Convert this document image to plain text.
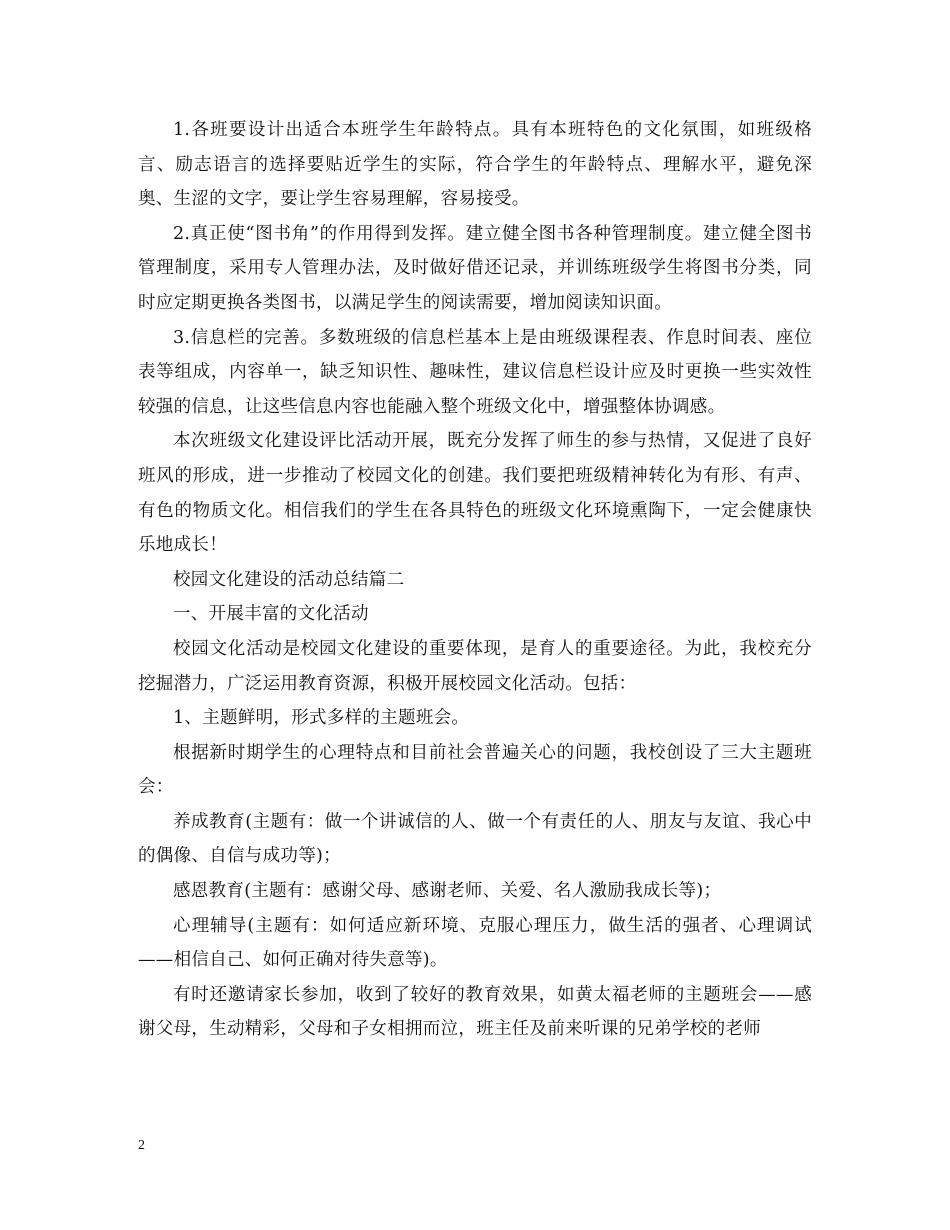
1.各班要设计出适合本班学生年龄特点。具有本班特色的文化氛围，如班级格言、励志语言的选择要贴近学生的实际，符合学生的年龄特点、理解水平，避免深奥、生涩的文字，要让学生容易理解，容易接受。

2.真正使“图书角”的作用得到发挥。建立健全图书各种管理制度。建立健全图书管理制度，采用专人管理办法，及时做好借还记录，并训练班级学生将图书分类，同时应定期更换各类图书，以满足学生的阅读需要，增加阅读知识面。

3.信息栏的完善。多数班级的信息栏基本上是由班级课程表、作息时间表、座位表等组成，内容单一，缺乏知识性、趣味性，建议信息栏设计应及时更换一些实效性较强的信息，让这些信息内容也能融入整个班级文化中，增强整体协调感。

本次班级文化建设评比活动开展，既充分发挥了师生的参与热情，又促进了良好班风的形成，进一步推动了校园文化的创建。我们要把班级精神转化为有形、有声、有色的物质文化。相信我们的学生在各具特色的班级文化环境熏陶下，一定会健康快乐地成长！

校园文化建设的活动总结篇二

一、开展丰富的文化活动

校园文化活动是校园文化建设的重要体现，是育人的重要途径。为此，我校充分挖掘潜力，广泛运用教育资源，积极开展校园文化活动。包括：

1、主题鲜明，形式多样的主题班会。

根据新时期学生的心理特点和目前社会普遍关心的问题，我校创设了三大主题班会：

养成教育(主题有：做一个讲诚信的人、做一个有责任的人、朋友与友谊、我心中的偶像、自信与成功等)；

感恩教育(主题有：感谢父母、感谢老师、关爱、名人激励我成长等)；

心理辅导(主题有：如何适应新环境、克服心理压力，做生活的强者、心理调试——相信自己、如何正确对待失意等)。

有时还邀请家长参加，收到了较好的教育效果，如黄太福老师的主题班会——感谢父母，生动精彩，父母和子女相拥而泣，班主任及前来听课的兄弟学校的老师

2
